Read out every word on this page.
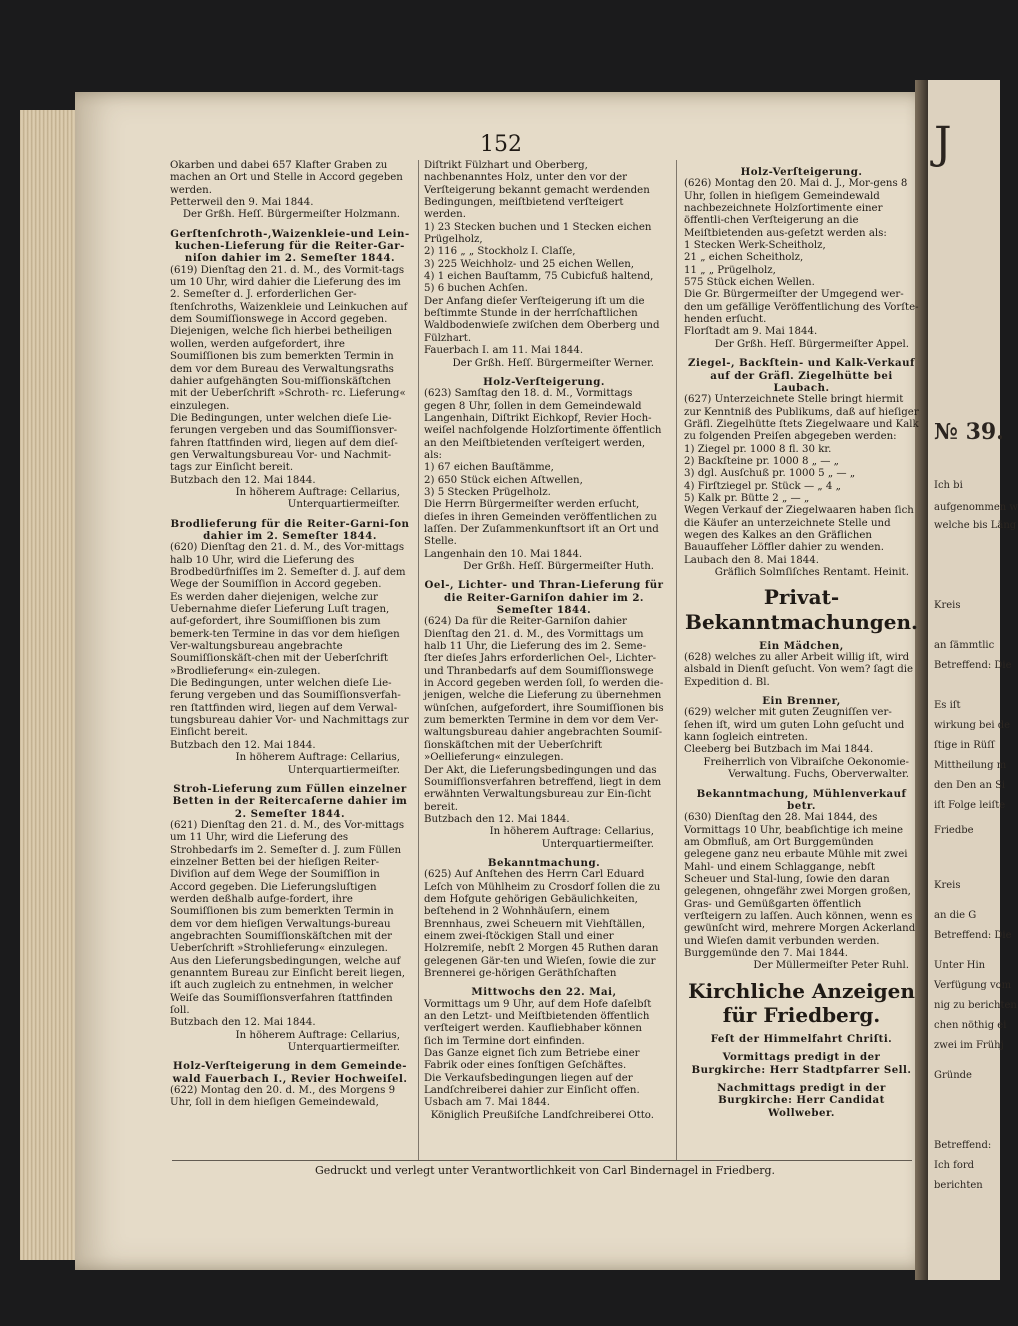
J
№ 39.
Ich bi
aufgenommen w
welche bis Läng
Kreis
an ſämmtlic
Betreffend: Die
Es iſt
wirkung bei de
ſtige in Rüſſ
Mittheilung m
den Den an Si
iſt Folge leiſte
Friedbe
Kreis
an die G
Betreffend: Die
Unter Hin
Verfügung vom
nig zu berichten
chen nöthig ei
zwei im Frühj
Gründe
Betreffend:
Ich ford
berichten
152

Okarben und dabei 657 Klafter Graben zu machen an Ort und Stelle in Accord gegeben werden.

Petterweil den 9. Mai 1844.

Der Grßh. Heſſ. Bürgermeiſter Holzmann.

Gerſtenſchroth-,Waizenkleie-und Lein-kuchen-Lieferung für die Reiter-Gar-niſon dahier im 2. Semeſter 1844.

(619) Dienſtag den 21. d. M., des Vormit-tags um 10 Uhr, wird dahier die Lieferung des im 2. Semeſter d. J. erforderlichen Ger-ſtenſchroths, Waizenkleie und Leinkuchen auf dem Soumiſſionswege in Accord gegeben. Diejenigen, welche ſich hierbei betheiligen wollen, werden aufgefordert, ihre Soumiſſionen bis zum bemerkten Termin in dem vor dem Bureau des Verwaltungsraths dahier aufgehängten Sou-miſſionskäſtchen mit der Ueberſchrift »Schroth- rc. Lieferung« einzulegen.

Die Bedingungen, unter welchen dieſe Lie-ferungen vergeben und das Soumiſſionsver-fahren ſtattfinden wird, liegen auf dem dieſ-gen Verwaltungsbureau Vor- und Nachmit-tags zur Einſicht bereit.

Butzbach den 12. Mai 1844.

In höherem Auftrage: Cellarius, Unterquartiermeiſter.

Brodlieferung für die Reiter-Garni-ſon dahier im 2. Semeſter 1844.

(620) Dienſtag den 21. d. M., des Vor-mittags halb 10 Uhr, wird die Lieferung des Brodbedürfniſſes im 2. Semeſter d. J. auf dem Wege der Soumiſſion in Accord gegeben.

Es werden daher diejenigen, welche zur Uebernahme dieſer Lieferung Luſt tragen, auf-gefordert, ihre Soumiſſionen bis zum bemerk-ten Termine in das vor dem hieſigen Ver-waltungsbureau angebrachte Soumiſſionskäſt-chen mit der Ueberſchrift »Brodlieferung« ein-zulegen.

Die Bedingungen, unter welchen dieſe Lie-ferung vergeben und das Soumiſſionsverfah-ren ſtattfinden wird, liegen auf dem Verwal-tungsbureau dahier Vor- und Nachmittags zur Einſicht bereit.

Butzbach den 12. Mai 1844.

In höherem Auftrage: Cellarius, Unterquartiermeiſter.

Stroh-Lieferung zum Füllen einzelner Betten in der Reitercaſerne dahier im 2. Semeſter 1844.

(621) Dienſtag den 21. d. M., des Vor-mittags um 11 Uhr, wird die Lieferung des Strohbedarfs im 2. Semeſter d. J. zum Füllen einzelner Betten bei der hieſigen Reiter-Diviſion auf dem Wege der Soumiſſion in Accord gegeben. Die Lieferungsluſtigen werden deßhalb aufge-fordert, ihre Soumiſſionen bis zum bemerkten Termin in dem vor dem hieſigen Verwaltungs-bureau angebrachten Soumiſſionskäſtchen mit der Ueberſchrift »Strohlieferung« einzulegen. Aus den Lieferungsbedingungen, welche auf genanntem Bureau zur Einſicht bereit liegen, iſt auch zugleich zu entnehmen, in welcher Weiſe das Soumiſſionsverfahren ſtattfinden ſoll.

Butzbach den 12. Mai 1844.

In höherem Auftrage: Cellarius, Unterquartiermeiſter.

Holz-Verſteigerung in dem Gemeinde-wald Fauerbach I., Revier Hochweiſel.

(622) Montag den 20. d. M., des Morgens 9 Uhr, ſoll in dem hieſigen Gemeindewald,

Diſtrikt Fülzhart und Oberberg, nachbenanntes Holz, unter den vor der Verſteigerung bekannt gemacht werdenden Bedingungen, meiſtbietend verſteigert werden.

1) 23 Stecken buchen und 1 Stecken eichen Prügelholz,
2) 116 „ „ Stockholz I. Claſſe,
3) 225 Weichholz- und 25 eichen Wellen,
4) 1 eichen Bauſtamm, 75 Cubicfuß haltend,
5) 6 buchen Achſen.

Der Anfang dieſer Verſteigerung iſt um die beſtimmte Stunde in der herrſchaftlichen Waldbodenwieſe zwiſchen dem Oberberg und Fülzhart.

Fauerbach I. am 11. Mai 1844.

Der Grßh. Heſſ. Bürgermeiſter Werner.

Holz-Verſteigerung.

(623) Samſtag den 18. d. M., Vormittags gegen 8 Uhr, ſollen in dem Gemeindewald Langenhain, Diſtrikt Eichkopf, Revier Hoch-weiſel nachfolgende Holzſortimente öffentlich an den Meiſtbietenden verſteigert werden, als:

1) 67 eichen Bauſtämme,
2) 650 Stück eichen Aſtwellen,
3) 5 Stecken Prügelholz.

Die Herrn Bürgermeiſter werden erſucht, dieſes in ihren Gemeinden veröffentlichen zu laſſen. Der Zuſammenkunftsort iſt an Ort und Stelle.

Langenhain den 10. Mai 1844.

Der Grßh. Heſſ. Bürgermeiſter Huth.

Oel-, Lichter- und Thran-Lieferung für die Reiter-Garniſon dahier im 2. Semeſter 1844.

(624) Da für die Reiter-Garniſon dahier Dienſtag den 21. d. M., des Vormittags um halb 11 Uhr, die Lieferung des im 2. Seme-ſter dieſes Jahrs erforderlichen Oel-, Lichter- und Thranbedarfs auf dem Soumiſſionswege in Accord gegeben werden ſoll, ſo werden die-jenigen, welche die Lieferung zu übernehmen wünſchen, aufgefordert, ihre Soumiſſionen bis zum bemerkten Termine in dem vor dem Ver-waltungsbureau dahier angebrachten Soumiſ-ſionskäſtchen mit der Ueberſchrift »Oellieferung« einzulegen.

Der Akt, die Lieferungsbedingungen und das Soumiſſionsverfahren betreffend, liegt in dem erwähnten Verwaltungsbureau zur Ein-ſicht bereit.

Butzbach den 12. Mai 1844.

In höherem Auftrage: Cellarius, Unterquartiermeiſter.

Bekanntmachung.

(625) Auf Anſtehen des Herrn Carl Eduard Leſch von Mühlheim zu Crosdorf ſollen die zu dem Hofgute gehörigen Gebäulichkeiten, beſtehend in 2 Wohnhäuſern, einem Brennhaus, zwei Scheuern mit Viehſtällen, einem zwei-ſtöckigen Stall und einer Holzremiſe, nebſt 2 Morgen 45 Ruthen daran gelegenen Gär-ten und Wieſen, ſowie die zur Brennerei ge-hörigen Geräthſchaften

Mittwochs den 22. Mai,

Vormittags um 9 Uhr, auf dem Hofe daſelbſt an den Letzt- und Meiſtbietenden öffentlich verſteigert werden. Kaufliebhaber können ſich im Termine dort einfinden.

Das Ganze eignet ſich zum Betriebe einer Fabrik oder eines ſonſtigen Geſchäftes.

Die Verkaufsbedingungen liegen auf der Landſchreiberei dahier zur Einſicht offen.

Usbach am 7. Mai 1844.

Königlich Preußiſche Landſchreiberei Otto.

Holz-Verſteigerung.

(626) Montag den 20. Mai d. J., Mor-gens 8 Uhr, ſollen in hieſigem Gemeindewald nachbezeichnete Holzſortimente einer öffentli-chen Verſteigerung an die Meiſtbietenden aus-geſetzt werden als:

1 Stecken Werk-Scheitholz,
21 „ eichen Scheitholz,
11 „ „ Prügelholz,
575 Stück eichen Wellen.

Die Gr. Bürgermeiſter der Umgegend wer-den um gefällige Veröffentlichung des Vorſte-henden erſucht.

Florſtadt am 9. Mai 1844.

Der Grßh. Heſſ. Bürgermeiſter Appel.

Ziegel-, Backſtein- und Kalk-Verkauf auf der Gräfl. Ziegelhütte bei Laubach.

(627) Unterzeichnete Stelle bringt hiermit zur Kenntniß des Publikums, daß auf hieſiger Gräfl. Ziegelhütte ſtets Ziegelwaare und Kalk zu folgenden Preiſen abgegeben werden:

1) Ziegel pr. 1000 8 fl. 30 kr.
2) Backſteine pr. 1000 8 „ — „
3) dgl. Ausſchuß pr. 1000 5 „ — „
4) Firſtziegel pr. Stück — „ 4 „
5) Kalk pr. Bütte 2 „ — „

Wegen Verkauf der Ziegelwaaren haben ſich die Käufer an unterzeichnete Stelle und wegen des Kalkes an den Gräflichen Bauaufſeher Löffler dahier zu wenden.

Laubach den 8. Mai 1844.

Gräflich Solmſiſches Rentamt. Heinit.

Privat-Bekanntmachungen.

Ein Mädchen,

(628) welches zu aller Arbeit willig iſt, wird alsbald in Dienſt geſucht. Von wem? ſagt die Expedition d. Bl.

Ein Brenner,

(629) welcher mit guten Zeugniſſen ver-ſehen iſt, wird um guten Lohn geſucht und kann ſogleich eintreten.

Cleeberg bei Butzbach im Mai 1844.

Freiherrlich von Vibraiſche Oekonomie-Verwaltung. Fuchs, Oberverwalter.

Bekanntmachung, Mühlenverkauf betr.

(630) Dienſtag den 28. Mai 1844, des Vormittags 10 Uhr, beabſichtige ich meine am Obmfluß, am Ort Burggemünden gelegene ganz neu erbaute Mühle mit zwei Mahl- und einem Schlaggange, nebſt Scheuer und Stal-lung, ſowie den daran gelegenen, ohngefähr zwei Morgen großen, Gras- und Gemüßgarten öffentlich verſteigern zu laſſen. Auch können, wenn es gewünſcht wird, mehrere Morgen Ackerland und Wieſen damit verbunden werden.

Burggemünde den 7. Mai 1844.

Der Müllermeiſter Peter Ruhl.

Kirchliche Anzeigen für Friedberg.

Feſt der Himmelfahrt Chriſti.

Vormittags predigt in der Burgkirche: Herr Stadtpfarrer Sell.

Nachmittags predigt in der Burgkirche: Herr Candidat Wollweber.

Gedruckt und verlegt unter Verantwortlichkeit von Carl Bindernagel in Friedberg.
